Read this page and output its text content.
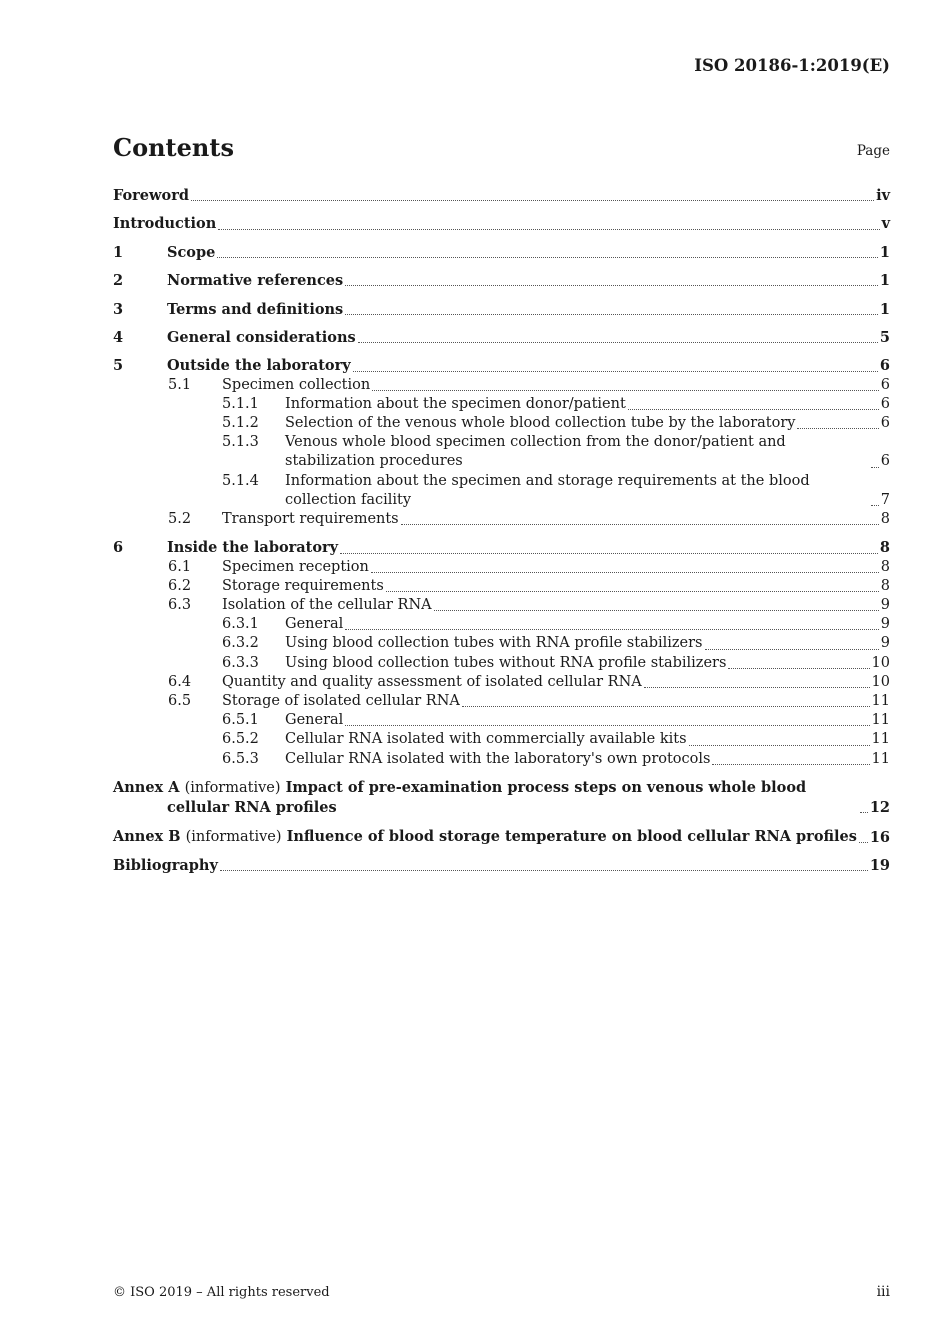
ISO 20186-1:2019(E)
Contents	Page
Foreword	iv
Introduction	v
1	Scope	1
2	Normative references	1
3	Terms and definitions	1
4	General considerations	5
5	Outside the laboratory	6
5.1 Specimen collection	6
5.1.1 Information about the specimen donor/patient	6
5.1.2 Selection of the venous whole blood collection tube by the laboratory	6
5.1.3 Venous whole blood specimen collection from the donor/patient and stabilization procedures	6
5.1.4 Information about the specimen and storage requirements at the blood collection facility	7
5.2 Transport requirements	8
6	Inside the laboratory	8
6.1 Specimen reception	8
6.2 Storage requirements	8
6.3 Isolation of the cellular RNA	9
6.3.1 General	9
6.3.2 Using blood collection tubes with RNA profile stabilizers	9
6.3.3 Using blood collection tubes without RNA profile stabilizers	10
6.4 Quantity and quality assessment of isolated cellular RNA	10
6.5 Storage of isolated cellular RNA	11
6.5.1 General	11
6.5.2 Cellular RNA isolated with commercially available kits	11
6.5.3 Cellular RNA isolated with the laboratory's own protocols	11
Annex A (informative) Impact of pre-examination process steps on venous whole blood cellular RNA profiles	12
Annex B (informative) Influence of blood storage temperature on blood cellular RNA profiles 16
Bibliography	19
© ISO 2019 – All rights reserved	iii
